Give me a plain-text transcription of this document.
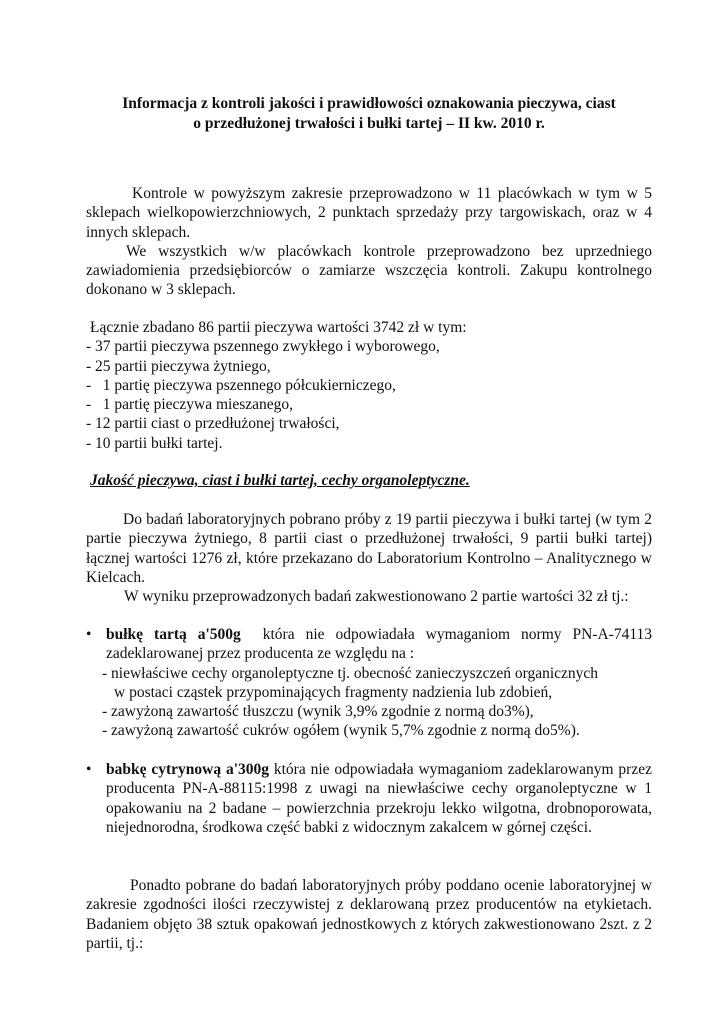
Informacja z kontroli jakości i prawidłowości oznakowania pieczywa, ciast
o przedłużonej trwałości i bułki tartej – II kw. 2010 r.

Kontrole w powyższym zakresie przeprowadzono w 11 placówkach w tym w 5 sklepach wielkopowierzchniowych, 2 punktach sprzedaży przy targowiskach, oraz w 4 innych sklepach.

We wszystkich w/w placówkach kontrole przeprowadzono bez uprzedniego zawiadomienia przedsiębiorców o zamiarze wszczęcia kontroli. Zakupu kontrolnego dokonano w 3 sklepach.

Łącznie zbadano 86 partii pieczywa wartości 3742 zł w tym:
- 37 partii pieczywa pszennego zwykłego i wyborowego,
- 25 partii pieczywa żytniego,
-   1 partię pieczywa pszennego półcukierniczego,
-   1 partię pieczywa mieszanego,
- 12 partii ciast o przedłużonej trwałości,
- 10 partii bułki tartej.
Jakość pieczywa, ciast i bułki tartej, cechy organoleptyczne.

Do badań laboratoryjnych pobrano próby z 19 partii pieczywa i bułki tartej (w tym 2 partie pieczywa żytniego, 8 partii ciast o przedłużonej trwałości, 9 partii bułki tartej) łącznej wartości 1276 zł, które przekazano do Laboratorium Kontrolno – Analitycznego w Kielcach.

W wyniku przeprowadzonych badań zakwestionowano 2 partie wartości 32 zł tj.:

• bułkę tartą a'500g  która nie odpowiadała wymaganiom normy PN-A-74113 zadeklarowanej przez producenta ze względu na :
- niewłaściwe cechy organoleptyczne tj. obecność zanieczyszczeń organicznych
w postaci cząstek przypominających fragmenty nadzienia lub zdobień,
- zawyżoną zawartość tłuszczu (wynik 3,9% zgodnie z normą do3%),
- zawyżoną zawartość cukrów ogółem (wynik 5,7% zgodnie z normą do5%).
• babkę cytrynową a'300g która nie odpowiadała wymaganiom zadeklarowanym przez producenta PN-A-88115:1998 z uwagi na niewłaściwe cechy organoleptyczne w 1 opakowaniu na 2 badane – powierzchnia przekroju lekko wilgotna, drobnoporowata, niejednorodna, środkowa część babki z widocznym zakalcem w górnej części.

Ponadto pobrane do badań laboratoryjnych próby poddano ocenie laboratoryjnej w zakresie zgodności ilości rzeczywistej z deklarowaną przez producentów na etykietach. Badaniem objęto 38 sztuk opakowań jednostkowych z których zakwestionowano 2szt. z 2 partii, tj.:
